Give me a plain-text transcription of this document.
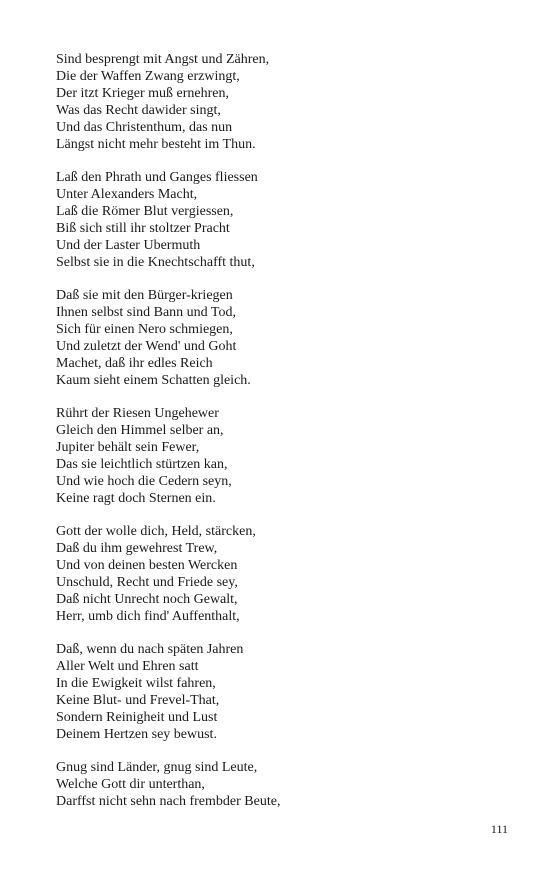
Sind besprengt mit Angst und Zähren,
Die der Waffen Zwang erzwingt,
Der itzt Krieger muß ernehren,
Was das Recht dawider singt,
Und das Christenthum, das nun
Längst nicht mehr besteht im Thun.
Laß den Phrath und Ganges fliessen
Unter Alexanders Macht,
Laß die Römer Blut vergiessen,
Biß sich still ihr stoltzer Pracht
Und der Laster Ubermuth
Selbst sie in die Knechtschafft thut,
Daß sie mit den Bürger-kriegen
Ihnen selbst sind Bann und Tod,
Sich für einen Nero schmiegen,
Und zuletzt der Wend' und Goht
Machet, daß ihr edles Reich
Kaum sieht einem Schatten gleich.
Rührt der Riesen Ungehewer
Gleich den Himmel selber an,
Jupiter behält sein Fewer,
Das sie leichtlich stürtzen kan,
Und wie hoch die Cedern seyn,
Keine ragt doch Sternen ein.
Gott der wolle dich, Held, stärcken,
Daß du ihm gewehrest Trew,
Und von deinen besten Wercken
Unschuld, Recht und Friede sey,
Daß nicht Unrecht noch Gewalt,
Herr, umb dich find' Auffenthalt,
Daß, wenn du nach späten Jahren
Aller Welt und Ehren satt
In die Ewigkeit wilst fahren,
Keine Blut- und Frevel-That,
Sondern Reinigheit und Lust
Deinem Hertzen sey bewust.
Gnug sind Länder, gnug sind Leute,
Welche Gott dir unterthan,
Darffst nicht sehn nach frembder Beute,
111
